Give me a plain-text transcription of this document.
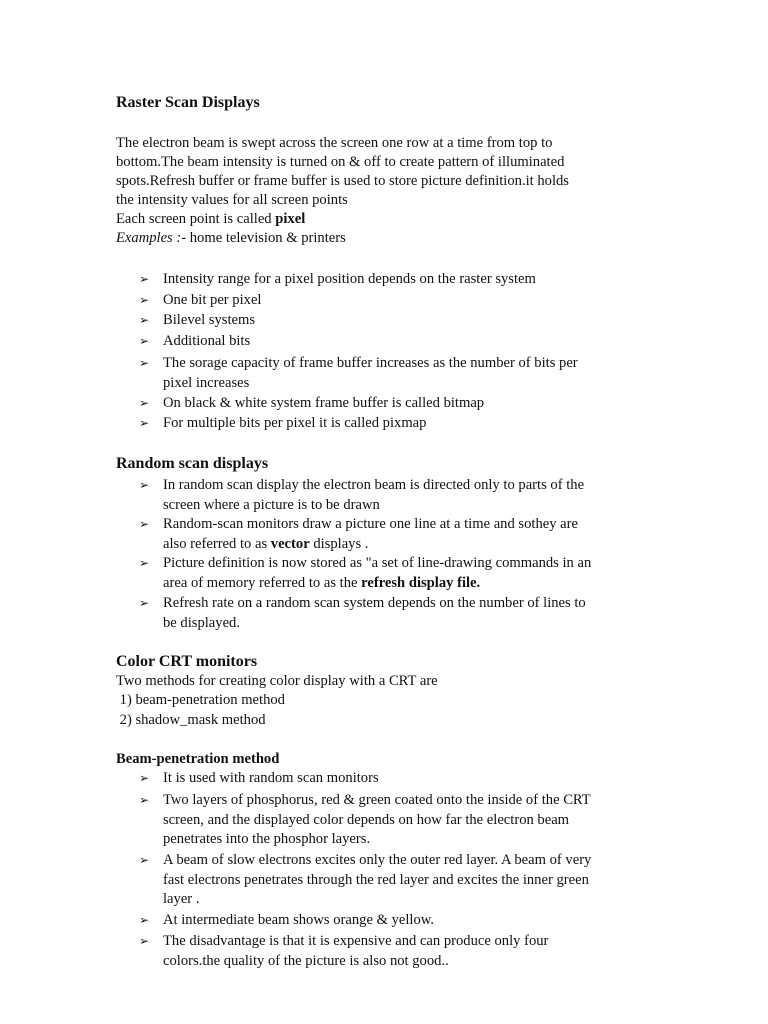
Raster Scan Displays
The electron beam is swept across the screen one row at a time from top to
bottom.The beam intensity is turned on & off to create pattern of illuminated
spots.Refresh buffer or frame buffer is used to store picture definition.it holds
the intensity values for all screen points
Each screen point is called pixel
Examples :- home television & printers
➢ Intensity range for a pixel position depends on the raster system
➢ One bit per pixel
➢ Bilevel systems
➢ Additional bits
➢ The sorage capacity of frame buffer increases as the number of bits per
pixel increases
➢ On black & white system frame buffer is called bitmap
➢ For multiple bits per pixel it is called pixmap
Random scan displays
➢ In random scan display the electron beam is directed only to parts of the
screen where a picture is to be drawn
➢ Random-scan monitors draw a picture one line at a time and sothey are
also referred to as vector displays .
➢ Picture definition is now stored as "a set of line-drawing commands in an
area of memory referred to as the refresh display file.
➢ Refresh rate on a random scan system depends on the number of lines to
be displayed.
Color CRT monitors
Two methods for creating color display with a CRT are
1) beam-penetration method
2) shadow_mask method
Beam-penetration method
➢ It is used with random scan monitors
➢ Two layers of phosphorus, red & green coated onto the inside of the CRT
screen, and the displayed color depends on how far the electron beam
penetrates into the phosphor layers.
➢ A beam of slow electrons excites only the outer red layer. A beam of very
fast electrons penetrates through the red layer and excites the inner green
layer .
➢ At intermediate beam shows orange & yellow.
➢ The disadvantage is that it is expensive and can produce only four
colors.the quality of the picture is also not good..
